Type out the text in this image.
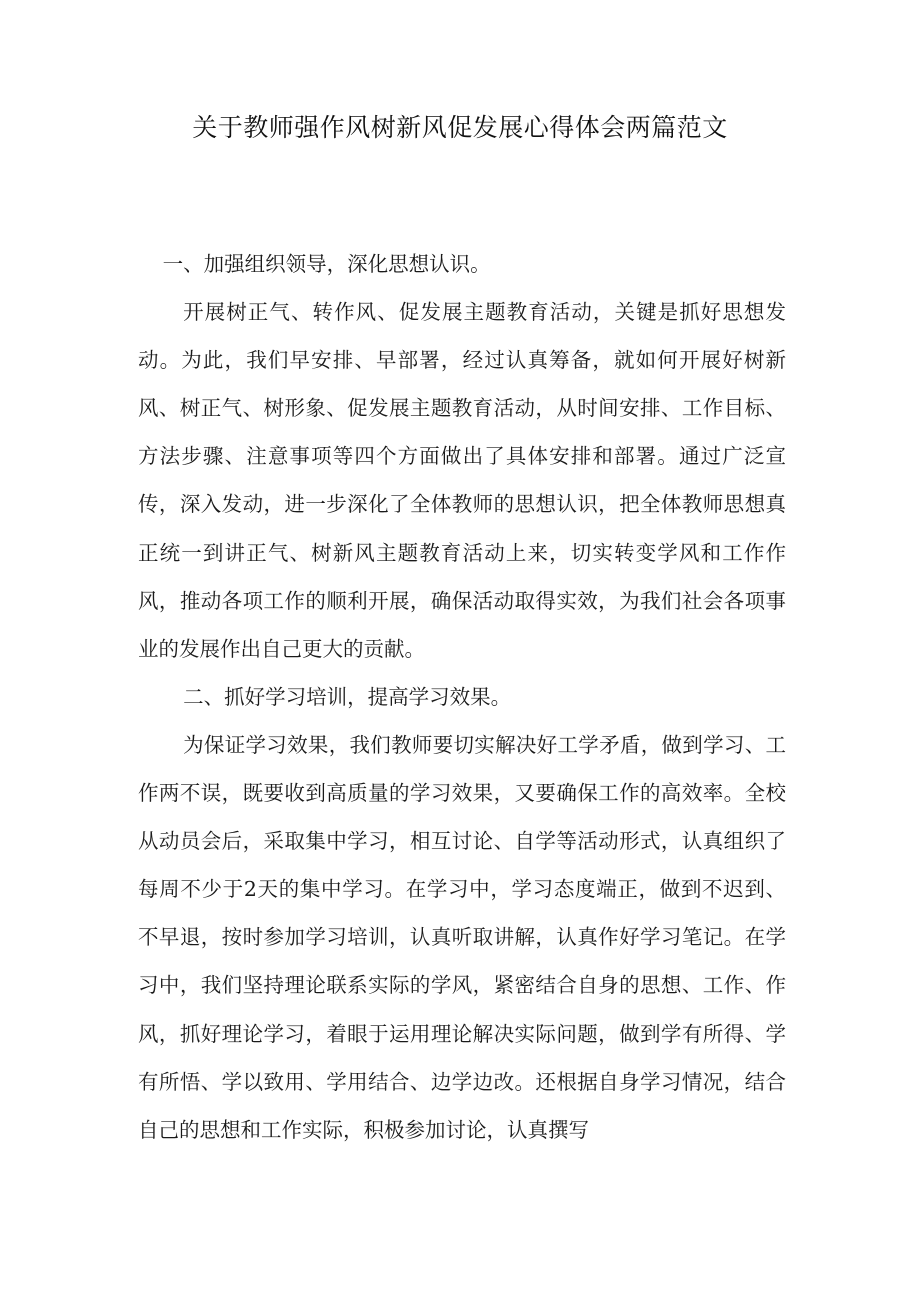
关于教师强作风树新风促发展心得体会两篇范文

一、加强组织领导，深化思想认识。

开展树正气、转作风、促发展主题教育活动，关键是抓好思想发动。为此，我们早安排、早部署，经过认真筹备，就如何开展好树新风、树正气、树形象、促发展主题教育活动，从时间安排、工作目标、方法步骤、注意事项等四个方面做出了具体安排和部署。通过广泛宣传，深入发动，进一步深化了全体教师的思想认识，把全体教师思想真正统一到讲正气、树新风主题教育活动上来，切实转变学风和工作作风，推动各项工作的顺利开展，确保活动取得实效，为我们社会各项事业的发展作出自己更大的贡献。

二、抓好学习培训，提高学习效果。

为保证学习效果，我们教师要切实解决好工学矛盾，做到学习、工作两不误，既要收到高质量的学习效果，又要确保工作的高效率。全校从动员会后，采取集中学习，相互讨论、自学等活动形式，认真组织了每周不少于2天的集中学习。在学习中，学习态度端正，做到不迟到、不早退，按时参加学习培训，认真听取讲解，认真作好学习笔记。在学习中，我们坚持理论联系实际的学风，紧密结合自身的思想、工作、作风，抓好理论学习，着眼于运用理论解决实际问题，做到学有所得、学有所悟、学以致用、学用结合、边学边改。还根据自身学习情况，结合自己的思想和工作实际，积极参加讨论，认真撰写
